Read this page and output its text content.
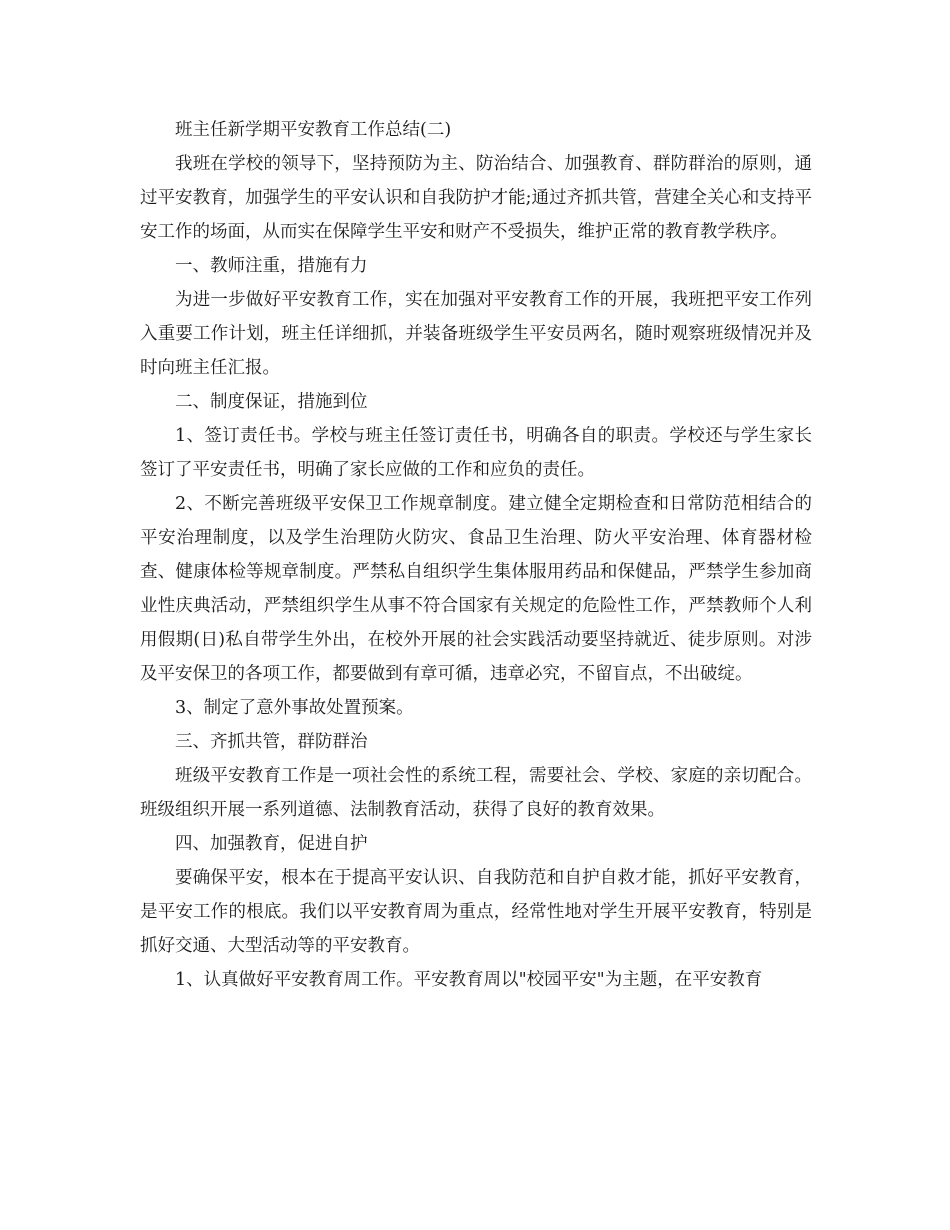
班主任新学期平安教育工作总结(二)

我班在学校的领导下，坚持预防为主、防治结合、加强教育、群防群治的原则，通过平安教育，加强学生的平安认识和自我防护才能;通过齐抓共管，营建全关心和支持平安工作的场面，从而实在保障学生平安和财产不受损失，维护正常的教育教学秩序。

一、教师注重，措施有力

为进一步做好平安教育工作，实在加强对平安教育工作的开展，我班把平安工作列入重要工作计划，班主任详细抓，并装备班级学生平安员两名，随时观察班级情况并及时向班主任汇报。

二、制度保证，措施到位

1、签订责任书。学校与班主任签订责任书，明确各自的职责。学校还与学生家长签订了平安责任书，明确了家长应做的工作和应负的责任。

2、不断完善班级平安保卫工作规章制度。建立健全定期检查和日常防范相结合的平安治理制度，以及学生治理防火防灾、食品卫生治理、防火平安治理、体育器材检查、健康体检等规章制度。严禁私自组织学生集体服用药品和保健品，严禁学生参加商业性庆典活动，严禁组织学生从事不符合国家有关规定的危险性工作，严禁教师个人利用假期(日)私自带学生外出，在校外开展的社会实践活动要坚持就近、徒步原则。对涉及平安保卫的各项工作，都要做到有章可循，违章必究，不留盲点，不出破绽。

3、制定了意外事故处置预案。

三、齐抓共管，群防群治

班级平安教育工作是一项社会性的系统工程，需要社会、学校、家庭的亲切配合。班级组织开展一系列道德、法制教育活动，获得了良好的教育效果。

四、加强教育，促进自护

要确保平安，根本在于提高平安认识、自我防范和自护自救才能，抓好平安教育，是平安工作的根底。我们以平安教育周为重点，经常性地对学生开展平安教育，特别是抓好交通、大型活动等的平安教育。

1、认真做好平安教育周工作。平安教育周以"校园平安"为主题，在平安教育
